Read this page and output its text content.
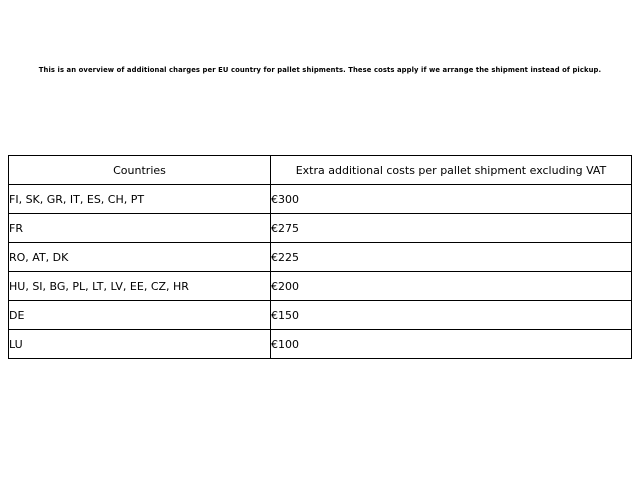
This is an overview of additional charges per EU country for pallet shipments. These costs apply if we arrange the shipment instead of pickup.
Countries	Extra additional costs per pallet shipment excluding VAT
FI, SK, GR, IT, ES, CH, PT	€300
FR	€275
RO, AT, DK	€225
HU, SI, BG, PL, LT, LV, EE, CZ, HR	€200
DE	€150
LU	€100
